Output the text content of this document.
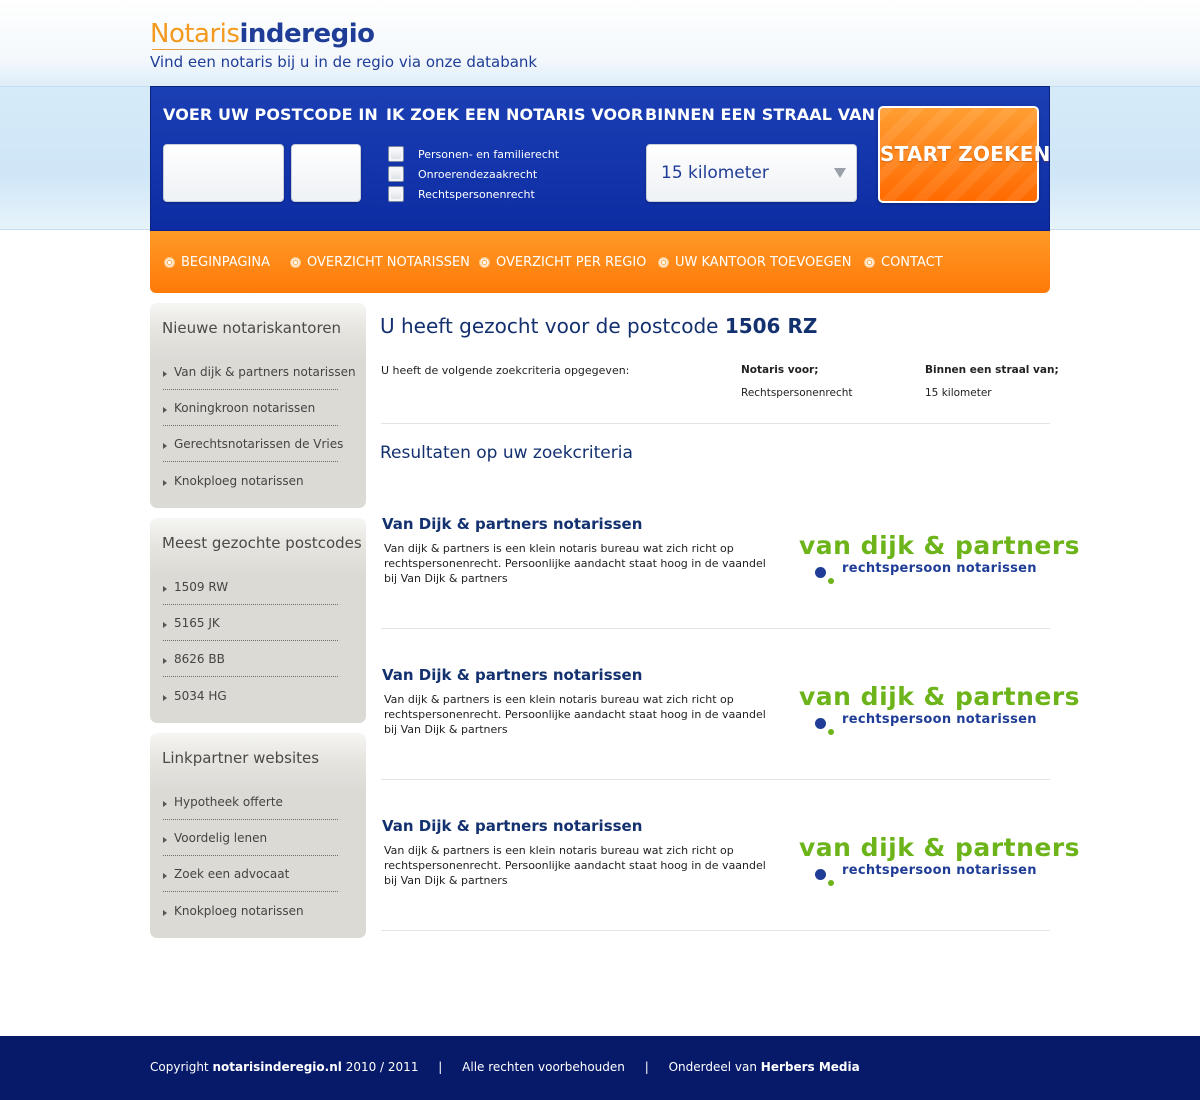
Notarisinderegio
Vind een notaris bij u in de regio via onze databank
VOER UW POSTCODE IN IK ZOEK EEN NOTARIS VOOR
Personen- en familierecht
Onroerendezaakrecht
Rechtspersonenrecht
BINNEN EEN STRAAL VAN
15 kilometer
START ZOEKEN
BEGINPAGINA	OVERZICHT NOTARISSEN OVERZICHT PER REGIO UW KANTOOR TOEVOEGEN CONTACT
Nieuwe notariskantoren
Van dijk & partners notarissen
Koningkroon notarissen
Gerechtsnotarissen de Vries
Knokploeg notarissen
Meest gezochte postcodes
1509 RW
5165 JK
8626 BB
5034 HG
Linkpartner websites
Hypotheek offerte
Voordelig lenen
Zoek een advocaat
Knokploeg notarissen
U heeft gezocht voor de postcode 1506 RZ
U heeft de volgende zoekcriteria opgegeven:	Notaris voor;
Rechtspersonenrecht
Binnen een straal van;
15 kilometer
Resultaten op uw zoekcriteria
Van Dijk & partners notarissen
Van dijk & partners is een klein notaris bureau wat zich richt op rechtspersonenrecht. Persoonlijke aandacht staat hoog in de vaandel bij Van Dijk & partners
van dijk & partners
rechtspersoon notarissen
Van Dijk & partners notarissen
Van dijk & partners is een klein notaris bureau wat zich richt op rechtspersonenrecht. Persoonlijke aandacht staat hoog in de vaandel bij Van Dijk & partners
van dijk & partners
rechtspersoon notarissen
Van Dijk & partners notarissen
Van dijk & partners is een klein notaris bureau wat zich richt op rechtspersonenrecht. Persoonlijke aandacht staat hoog in de vaandel bij Van Dijk & partners
van dijk & partners
rechtspersoon notarissen
Copyright notarisinderegio.nl 2010 / 2011 | Alle rechten voorbehouden | Onderdeel van Herbers Media
